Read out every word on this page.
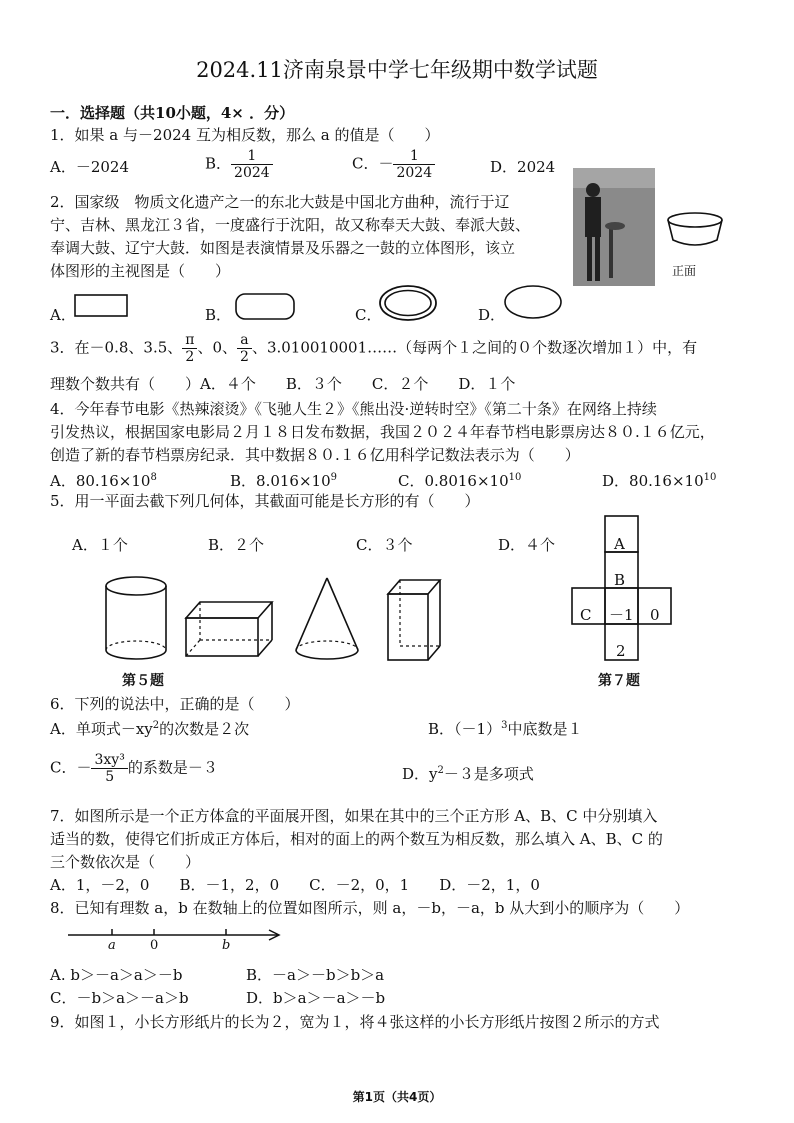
2024.11济南泉景中学七年级期中数学试题
一．选择题（共10小题，4× ．分）
1．如果 a 与－2024 互为相反数，那么 a 的值是（　　）
A．－2024	B． $\frac{1}{2024}$	C．－ $\frac{1}{2024}$	D．2024
2．国家级　物质文化遗产之一的东北大鼓是中国北方曲种，流行于辽
宁、吉林、黑龙江３省，一度盛行于沈阳，故又称奉天大鼓、奉派大鼓、
奉调大鼓、辽宁大鼓．如图是表演情景及乐器之一鼓的立体图形，该立
体图形的主视图是（　　）	正面
A．	B．	C．	D．
3．在－0.8、3.5、 $\frac{\pi}{2}$ 、0、 $\frac{a}{2}$ 、3.010010001……（每两个１之间的０个数逐次增加１）中，有
理数个数共有（　　）A．４个　　B．３个　　C．２个　　D．１个
4．今年春节电影《热辣滚烫》《飞驰人生２》《熊出没·逆转时空》《第二十条》在网络上持续
引发热议，根据国家电影局２月１８日发布数据，我国２０２４年春节档电影票房达８０.１６亿元，
创造了新的春节档票房纪录．其中数据８０.１６亿用科学记数法表示为（　　）
A．$80.16\times 10^8$	B．$8.016\times 10^9$	C．$0.8016\times 10^{10}$	D．$80.16\times 10^{10}$
5．用一平面去截下列几何体，其截面可能是长方形的有（　　）
A．１个	B．２个	C．３个	D．４个
第５题
A
B
C －1 0
2
第７题
6．下列的说法中，正确的是（　　）
A．单项式$-xy^2$的次数是２次	B．$(-1)^3$中底数是１
C．－ $\frac{\text{3xy³}}{5}$ 的系数是－３	D．$y^2-3$是多项式
7．如图所示是一个正方体盒的平面展开图，如果在其中的三个正方形 A、B、C 中分别填入
适当的数，使得它们折成正方体后，相对的面上的两个数互为相反数，那么填入 A、B、C 的
三个数依次是（　　）
A．1，－2，0　　B．－1，2，0　　C．－2，0，1　　D．－2，1，0
8．已知有理数 a，b 在数轴上的位置如图所示，则 a，－b，－a，b 从大到小的顺序为（　　）
a	0	b
A. b＞－a＞a＞－b	B．－a＞－b＞b＞a
C．－b＞a＞－a＞b	D．b＞a＞－a＞－b
9．如图１，小长方形纸片的长为２，宽为１，将４张这样的小长方形纸片按图２所示的方式
第1页（共4页）
